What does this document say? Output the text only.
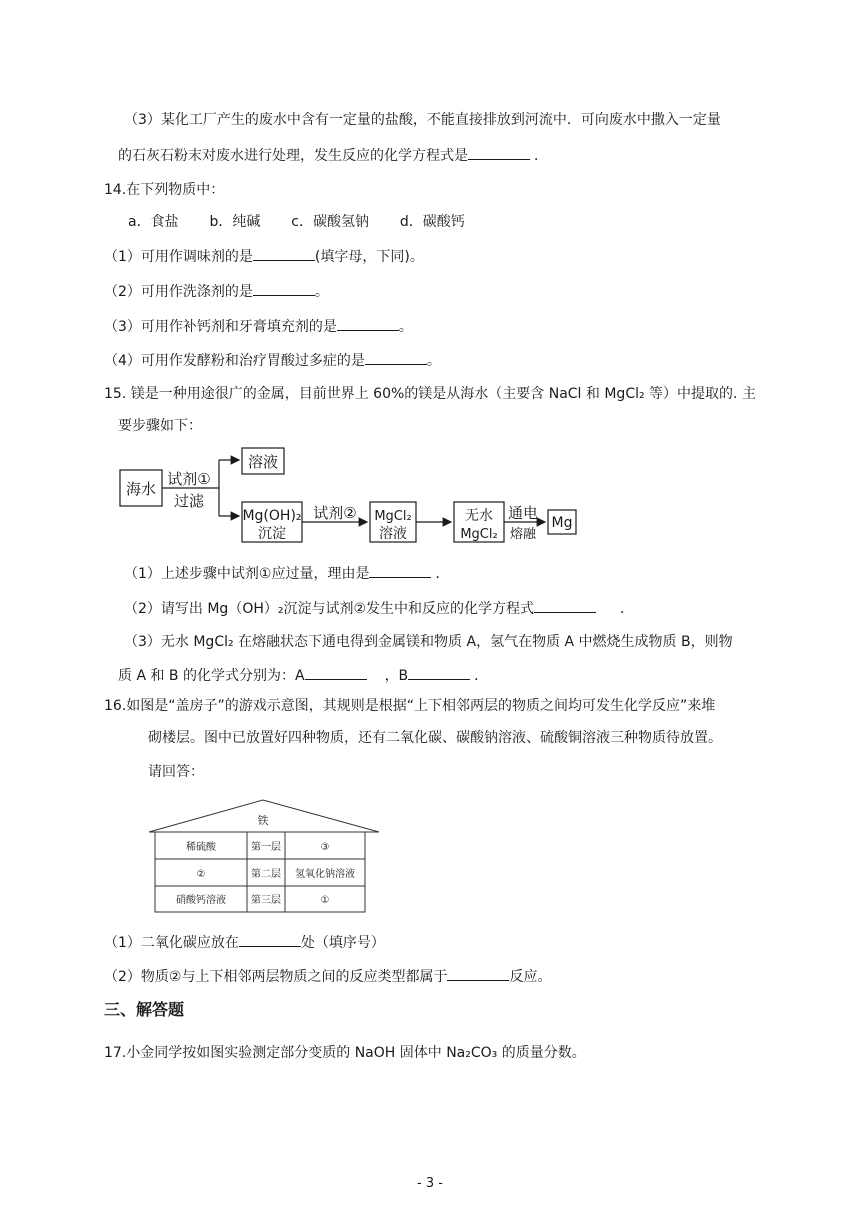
（3）某化工厂产生的废水中含有一定量的盐酸，不能直接排放到河流中．可向废水中撒入一定量
的石灰石粉末对废水进行处理，发生反应的化学方程式是	．
14.在下列物质中：
a．食盐 b．纯碱 c．碳酸氢钠 d．碳酸钙
（1）可用作调味剂的是	(填字母，下同)。
（2）可用作洗涤剂的是	。
（3）可用作补钙剂和牙膏填充剂的是	。
（4）可用作发酵粉和治疗胃酸过多症的是	。
15. 镁是一种用途很广的金属，目前世界上 60%的镁是从海水（主要含 NaCl 和 MgCl₂ 等）中提取的. 主
要步骤如下：
海水
试剂①
过滤
溶液
Mg(OH)₂
沉淀
试剂② MgCl₂
溶液
无水
MgCl₂
通电
熔融
Mg
（1）上述步骤中试剂①应过量，理由是	．
（2）请写出 Mg（OH）₂沉淀与试剂②发生中和反应的化学方程式	．
（3）无水 MgCl₂ 在熔融状态下通电得到金属镁和物质 A，氢气在物质 A 中燃烧生成物质 B，则物
质 A 和 B 的化学式分别为：A	，B	．
16.如图是“盖房子”的游戏示意图，其规则是根据“上下相邻两层的物质之间均可发生化学反应”来堆
砌楼层。图中已放置好四种物质，还有二氧化碳、碳酸钠溶液、硫酸铜溶液三种物质待放置。
请回答：
铁
稀硫酸	第一层	③
②	第二层 氢氧化钠溶液
硝酸钙溶液	第三层	①
（1）二氧化碳应放在	处（填序号）
（2）物质②与上下相邻两层物质之间的反应类型都属于	反应。
三、解答题
17.小金同学按如图实验测定部分变质的 NaOH 固体中 Na₂CO₃ 的质量分数。
- 3 -
